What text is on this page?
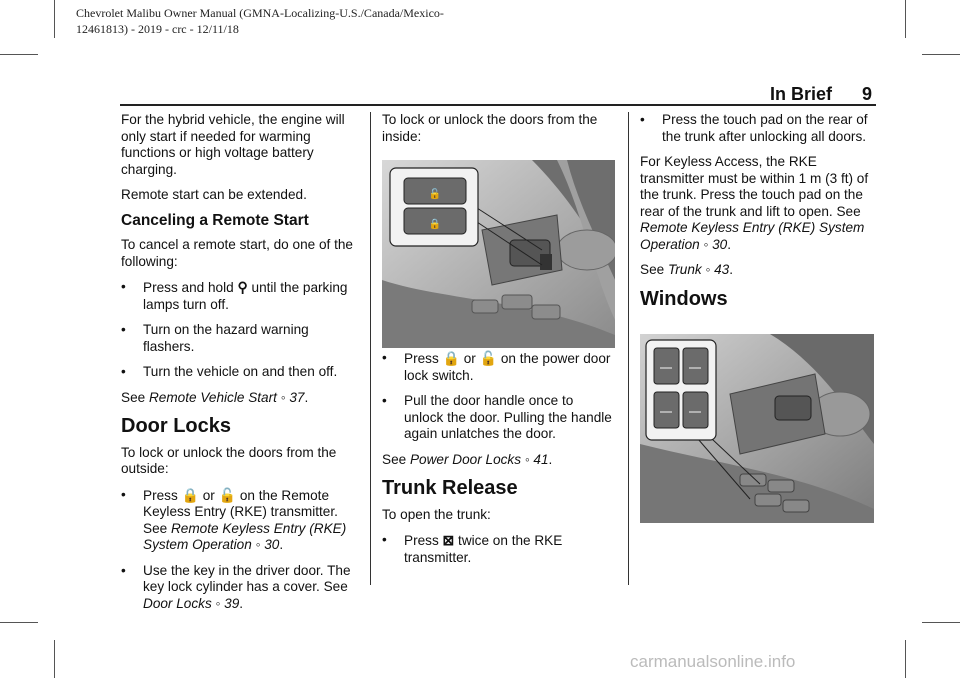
Chevrolet Malibu Owner Manual (GMNA-Localizing-U.S./Canada/Mexico-
12461813) - 2019 - crc - 12/11/18
In Brief 9

For the hybrid vehicle, the engine will only start if needed for warming functions or high voltage battery charging.

Remote start can be extended.

Canceling a Remote Start

To cancel a remote start, do one of the following:

• Press and hold ⚲ until the parking lamps turn off.
• Turn on the hazard warning flashers.
• Turn the vehicle on and then off.

See Remote Vehicle Start ◦ 37.

Door Locks

To lock or unlock the doors from the outside:

• Press 🔒 or 🔓 on the Remote Keyless Entry (RKE) transmitter. See Remote Keyless Entry (RKE) System Operation ◦ 30.
• Use the key in the driver door. The key lock cylinder has a cover. See Door Locks ◦ 39.

To lock or unlock the doors from the inside:

• Press 🔒 or 🔓 on the power door lock switch.
• Pull the door handle once to unlock the door. Pulling the handle again unlatches the door.

See Power Door Locks ◦ 41.

Trunk Release

To open the trunk:

• Press ⊠ twice on the RKE transmitter.
• Press the touch pad on the rear of the trunk after unlocking all doors.

For Keyless Access, the RKE transmitter must be within 1 m (3 ft) of the trunk. Press the touch pad on the rear of the trunk and lift to open. See Remote Keyless Entry (RKE) System Operation ◦ 30.

See Trunk ◦ 43.

Windows
🔓
🔒
carmanualsonline.info
